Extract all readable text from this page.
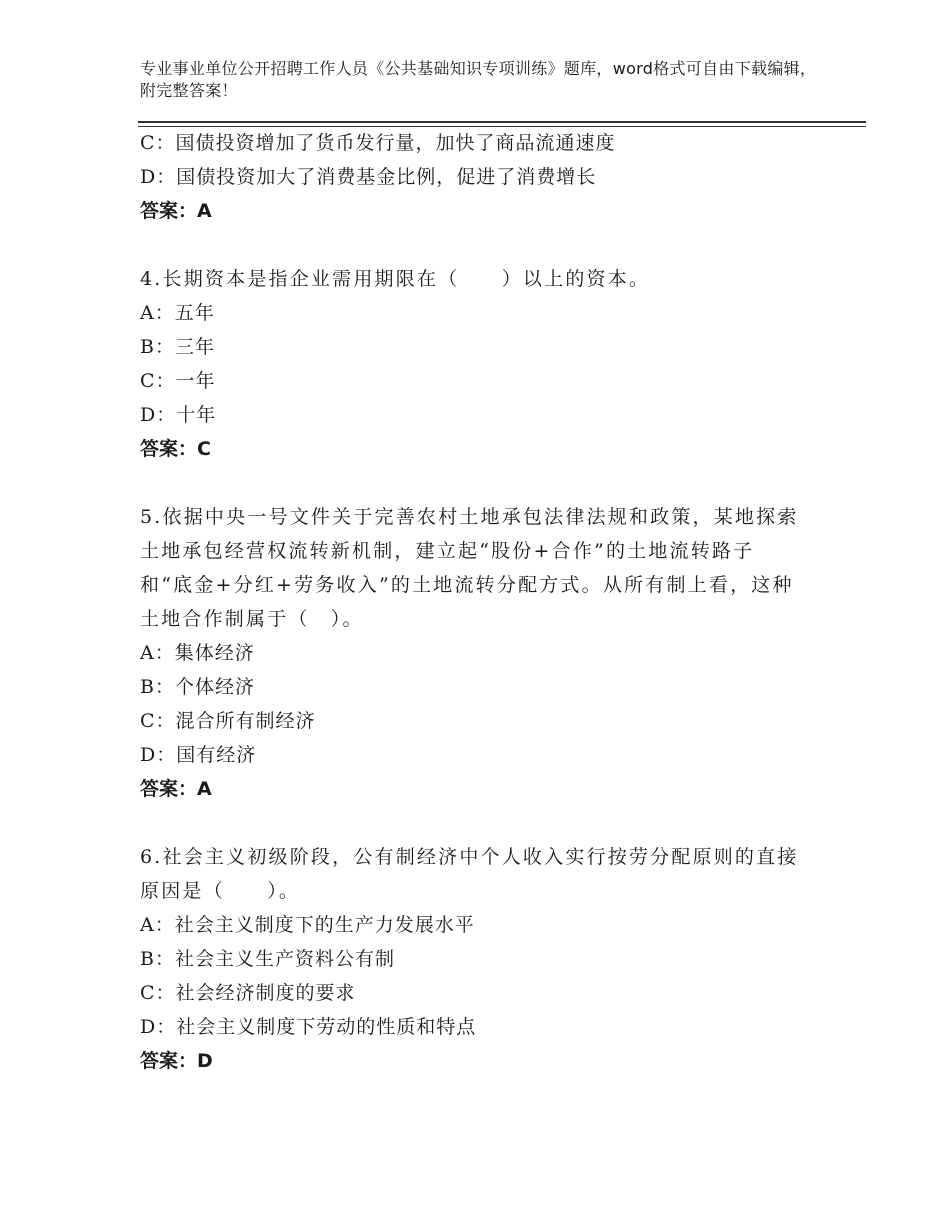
专业事业单位公开招聘工作人员《公共基础知识专项训练》题库，word格式可自由下载编辑，附完整答案！
C：国债投资增加了货币发行量，加快了商品流通速度
D：国债投资加大了消费基金比例，促进了消费增长
答案：A
4.长期资本是指企业需用期限在（　　）以上的资本。
A：五年
B：三年
C：一年
D：十年
答案：C
5.依据中央一号文件关于完善农村土地承包法律法规和政策，某地探索土地承包经营权流转新机制，建立起“股份+合作”的土地流转路子和“底金+分红+劳务收入”的土地流转分配方式。从所有制上看，这种土地合作制属于（　）。
A：集体经济
B：个体经济
C：混合所有制经济
D：国有经济
答案：A
6.社会主义初级阶段，公有制经济中个人收入实行按劳分配原则的直接原因是（　　）。
A：社会主义制度下的生产力发展水平
B：社会主义生产资料公有制
C：社会经济制度的要求
D：社会主义制度下劳动的性质和特点
答案：D
